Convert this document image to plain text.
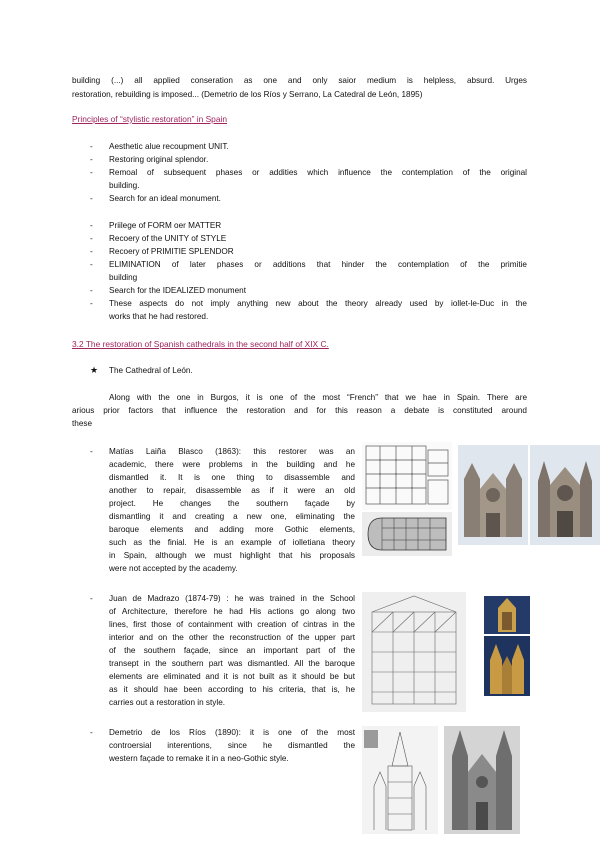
building (...) all applied conseration as one and only saior medium is helpless, absurd. Urges
restoration, rebuilding is imposed... (Demetrio de los Ríos y Serrano, La Catedral de León, 1895)
Principles of “stylistic restoration” in Spain
- Aesthetic alue recoupment UNIT.
- Restoring original splendor.
- Remoal of subsequent phases or addities which influence the contemplation of the original
building.
- Search for an ideal monument.
- Priilege of FORM oer MATTER
- Recoery of the UNITY of STYLE
- Recoery of PRIMITIE SPLENDOR
- ELIMINATION of later phases or additions that hinder the contemplation of the primitie
building
- Search for the IDEALIZED monument
- These aspects do not imply anything new about the theory already used by iollet-le-Duc in the
works that he had restored.
3.2 The restoration of Spanish cathedrals in the second half of XIX C.
★ The Cathedral of León.
Along with the one in Burgos, it is one of the most “French” that we hae in Spain. There are
arious prior factors that influence the restoration and for this reason a debate is constituted around
these
- Matías Laiña Blasco (1863): this restorer was an
academic, there were problems in the building and he
dismantled it. It is one thing to disassemble and
another to repair, disassemble as if it were an old
project. He changes the southern façade by
dismantling it and creating a new one, eliminating the
baroque elements and adding more Gothic elements,
such as the finial. He is an example of iolletiana theory
in Spain, although we must highlight that his proposals
were not accepted by the academy.
- Juan de Madrazo (1874-79) : he was trained in the School
of Architecture, therefore he had His actions go along two
lines, first those of containment with creation of cintras in the
interior and on the other the reconstruction of the upper part
of the southern façade, since an important part of the
transept in the southern part was dismantled. All the baroque
elements are eliminated and it is not built as it should be but
as it should hae been according to his criteria, that is, he
carries out a restoration in style.
- Demetrio de los Ríos (1890): it is one of the most
controersial interentions, since he dismantled the
western façade to remake it in a neo-Gothic style.
